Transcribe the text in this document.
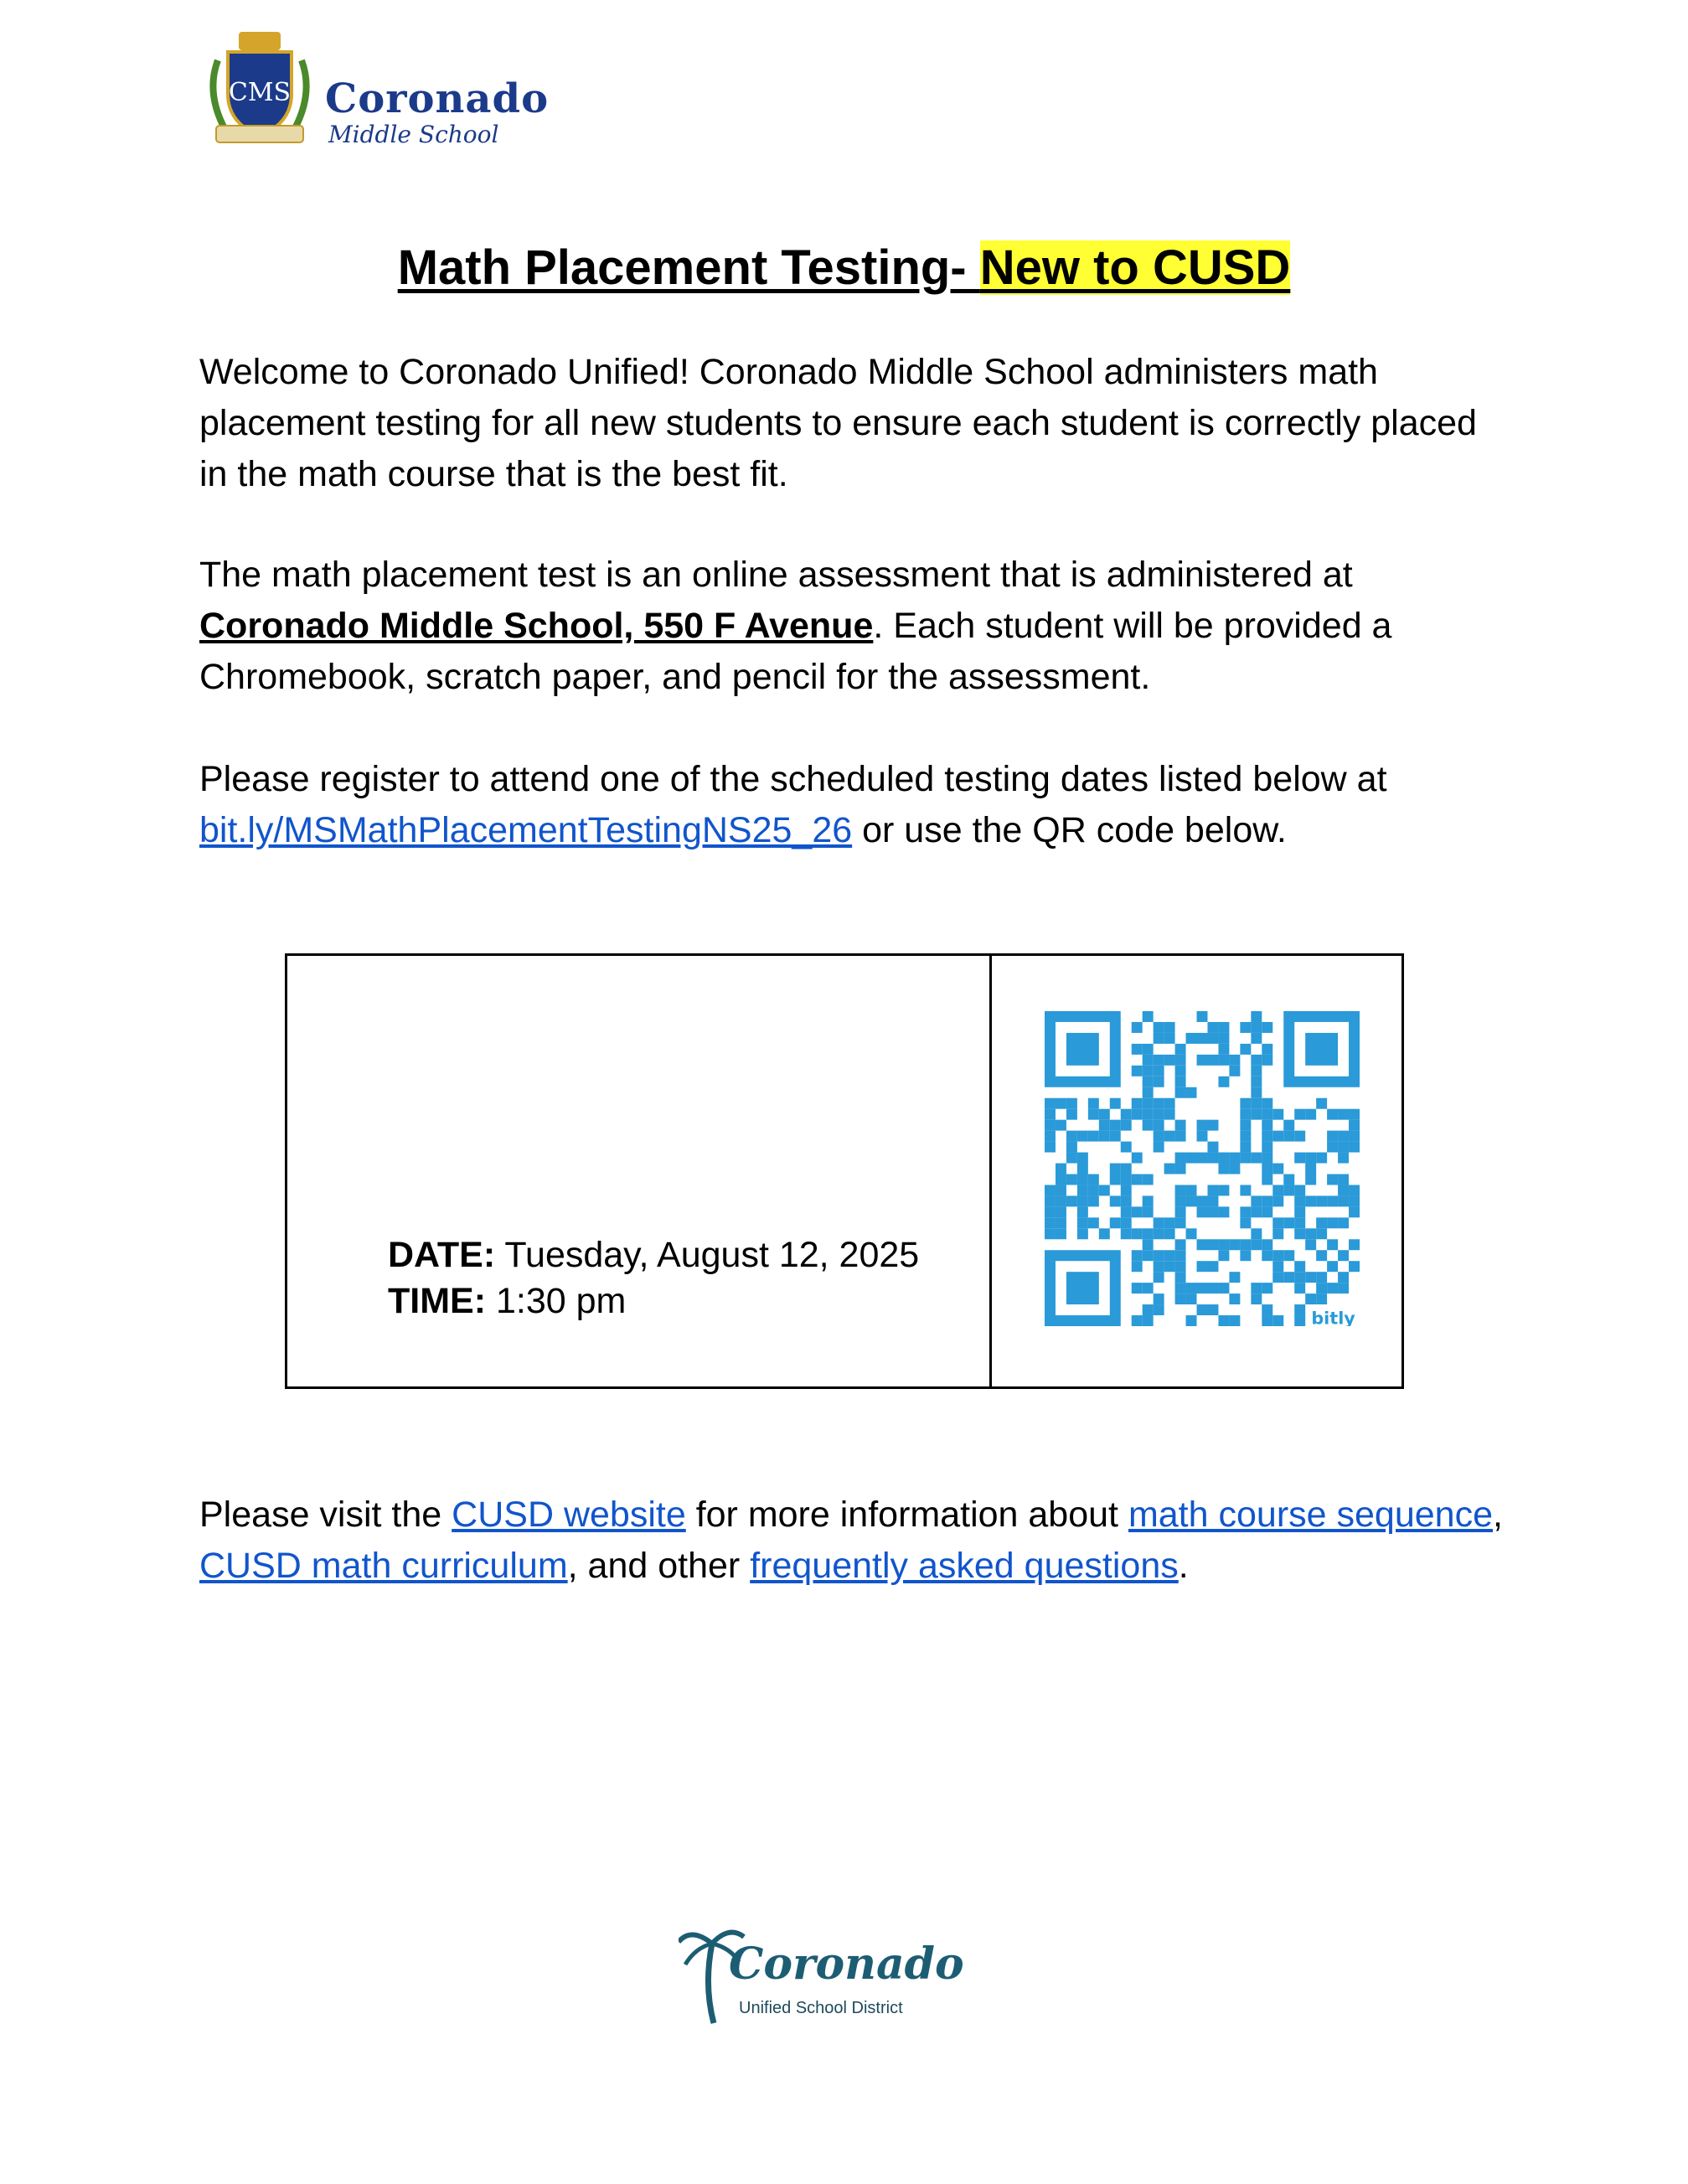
CMS Coronado
Middle School
Math Placement Testing- New to CUSD

Welcome to Coronado Unified! Coronado Middle School administers math placement testing for all new students to ensure each student is correctly placed in the math course that is the best fit.

The math placement test is an online assessment that is administered at Coronado Middle School, 550 F Avenue. Each student will be provided a Chromebook, scratch paper, and pencil for the assessment.

Please register to attend one of the scheduled testing dates listed below at bit.ly/MSMathPlacementTestingNS25_26 or use the QR code below.

DATE: Tuesday, August 12, 2025 TIME: 1:30 pm	bitly

Please visit the CUSD website for more information about math course sequence, CUSD math curriculum, and other frequently asked questions.

Coronado
Unified School District
